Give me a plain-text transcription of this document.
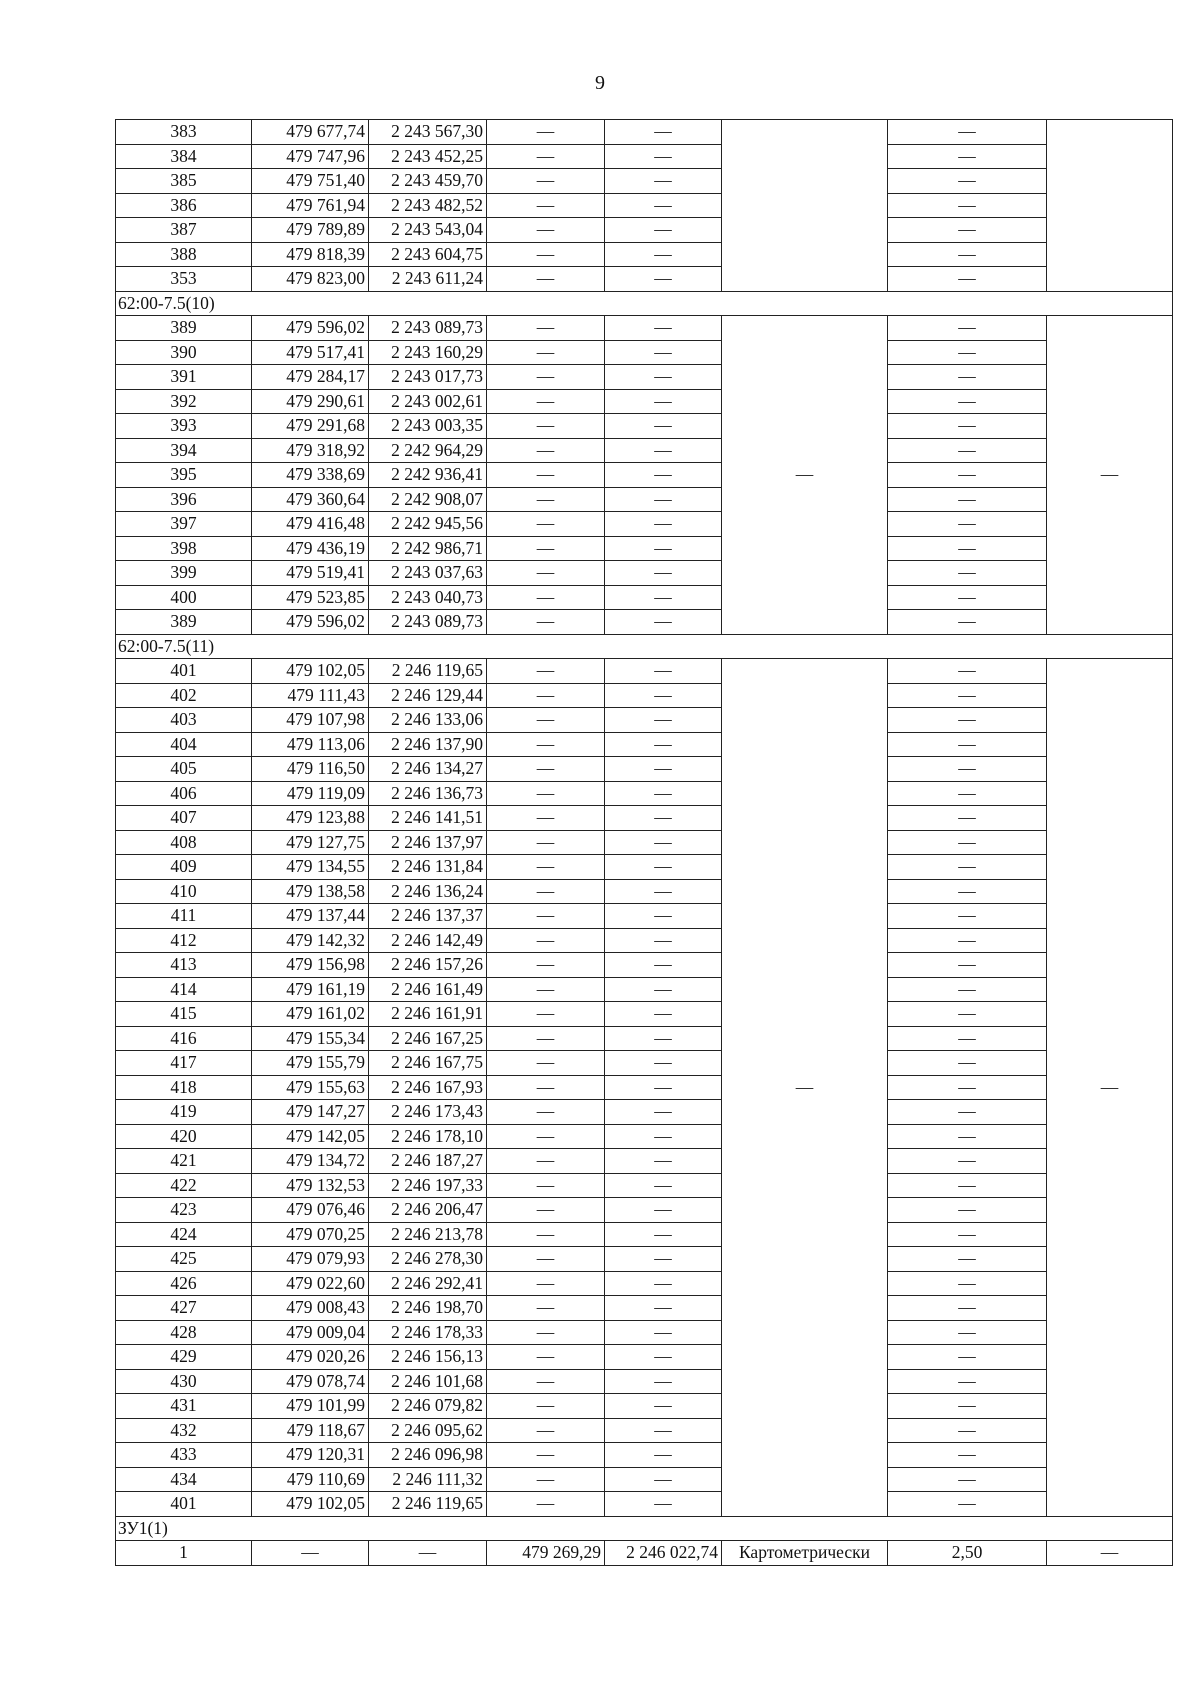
9
383	479 677,74	2 243 567,30	—	—		—	
384	479 747,96	2 243 452,25	—	—		—	
385	479 751,40	2 243 459,70	—	—		—	
386	479 761,94	2 243 482,52	—	—		—	
387	479 789,89	2 243 543,04	—	—		—	
388	479 818,39	2 243 604,75	—	—		—	
353	479 823,00	2 243 611,24	—	—		—	
62:00-7.5(10)							
389	479 596,02	2 243 089,73	—	—	—	—	—
390	479 517,41	2 243 160,29	—	—		—	
391	479 284,17	2 243 017,73	—	—		—	
392	479 290,61	2 243 002,61	—	—		—	
393	479 291,68	2 243 003,35	—	—		—	
394	479 318,92	2 242 964,29	—	—		—	
395	479 338,69	2 242 936,41	—	—		—	
396	479 360,64	2 242 908,07	—	—		—	
397	479 416,48	2 242 945,56	—	—		—	
398	479 436,19	2 242 986,71	—	—		—	
399	479 519,41	2 243 037,63	—	—		—	
400	479 523,85	2 243 040,73	—	—		—	
389	479 596,02	2 243 089,73	—	—		—	
62:00-7.5(11)							
401	479 102,05	2 246 119,65	—	—	—	—	—
402	479 111,43	2 246 129,44	—	—		—	
403	479 107,98	2 246 133,06	—	—		—	
404	479 113,06	2 246 137,90	—	—		—	
405	479 116,50	2 246 134,27	—	—		—	
406	479 119,09	2 246 136,73	—	—		—	
407	479 123,88	2 246 141,51	—	—		—	
408	479 127,75	2 246 137,97	—	—		—	
409	479 134,55	2 246 131,84	—	—		—	
410	479 138,58	2 246 136,24	—	—		—	
411	479 137,44	2 246 137,37	—	—		—	
412	479 142,32	2 246 142,49	—	—		—	
413	479 156,98	2 246 157,26	—	—		—	
414	479 161,19	2 246 161,49	—	—		—	
415	479 161,02	2 246 161,91	—	—		—	
416	479 155,34	2 246 167,25	—	—		—	
417	479 155,79	2 246 167,75	—	—		—	
418	479 155,63	2 246 167,93	—	—		—	
419	479 147,27	2 246 173,43	—	—		—	
420	479 142,05	2 246 178,10	—	—		—	
421	479 134,72	2 246 187,27	—	—		—	
422	479 132,53	2 246 197,33	—	—		—	
423	479 076,46	2 246 206,47	—	—		—	
424	479 070,25	2 246 213,78	—	—		—	
425	479 079,93	2 246 278,30	—	—		—	
426	479 022,60	2 246 292,41	—	—		—	
427	479 008,43	2 246 198,70	—	—		—	
428	479 009,04	2 246 178,33	—	—		—	
429	479 020,26	2 246 156,13	—	—		—	
430	479 078,74	2 246 101,68	—	—		—	
431	479 101,99	2 246 079,82	—	—		—	
432	479 118,67	2 246 095,62	—	—		—	
433	479 120,31	2 246 096,98	—	—		—	
434	479 110,69	2 246 111,32	—	—		—	
401	479 102,05	2 246 119,65	—	—		—	
ЗУ1(1)							
1	—	—	479 269,29	2 246 022,74	Картометрически	2,50	—
